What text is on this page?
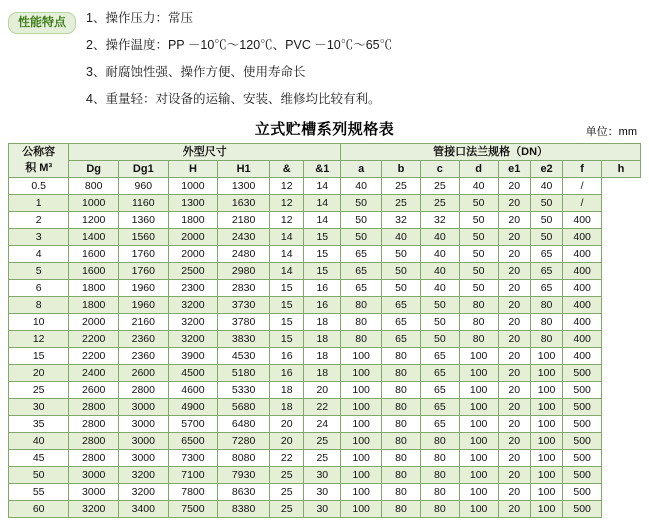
性能特点	1、操作压力：常压
2、操作温度：PP －10℃～120℃、PVC －10℃～65℃
3、耐腐蚀性强、操作方便、使用寿命长
4、重量轻：对设备的运输、安装、维修均比较有利。
立式贮槽系列规格表	单位：mm
公称容
积 M³	外型尺寸						管接口法兰规格（DN）							
	Dg	Dg1	H	H1	&	&1	a	b	c	d	e1	e2	f	h
0.5	800	960	1000	1300	12	14	40	25	25	40	20	40	/	
1	1000	1160	1300	1630	12	14	50	25	25	50	20	50	/	
2	1200	1360	1800	2180	12	14	50	32	32	50	20	50	400	
3	1400	1560	2000	2430	14	15	50	40	40	50	20	50	400	
4	1600	1760	2000	2480	14	15	65	50	40	50	20	65	400	
5	1600	1760	2500	2980	14	15	65	50	40	50	20	65	400	
6	1800	1960	2300	2830	15	16	65	50	40	50	20	65	400	
8	1800	1960	3200	3730	15	16	80	65	50	80	20	80	400	
10	2000	2160	3200	3780	15	18	80	65	50	80	20	80	400	
12	2200	2360	3200	3830	15	18	80	65	50	80	20	80	400	
15	2200	2360	3900	4530	16	18	100	80	65	100	20	100	400	
20	2400	2600	4500	5180	16	18	100	80	65	100	20	100	500	
25	2600	2800	4600	5330	18	20	100	80	65	100	20	100	500	
30	2800	3000	4900	5680	18	22	100	80	65	100	20	100	500	
35	2800	3000	5700	6480	20	24	100	80	65	100	20	100	500	
40	2800	3000	6500	7280	20	25	100	80	80	100	20	100	500	
45	2800	3000	7300	8080	22	25	100	80	80	100	20	100	500	
50	3000	3200	7100	7930	25	30	100	80	80	100	20	100	500	
55	3000	3200	7800	8630	25	30	100	80	80	100	20	100	500	
60	3200	3400	7500	8380	25	30	100	80	80	100	20	100	500	
